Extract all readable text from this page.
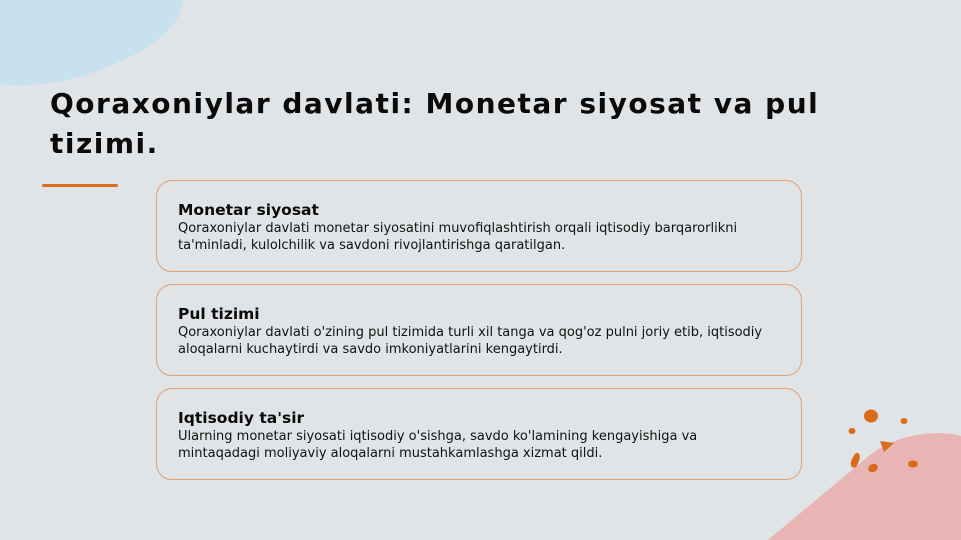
Qoraxoniylar davlati: Monetar siyosat va pul tizimi.
Monetar siyosat

Qoraxoniylar davlati monetar siyosatini muvofiqlashtirish orqali iqtisodiy barqarorlikni ta'minladi, kulolchilik va savdoni rivojlantirishga qaratilgan.

Pul tizimi

Qoraxoniylar davlati o'zining pul tizimida turli xil tanga va qog'oz pulni joriy etib, iqtisodiy aloqalarni kuchaytirdi va savdo imkoniyatlarini kengaytirdi.

Iqtisodiy ta'sir

Ularning monetar siyosati iqtisodiy o'sishga, savdo ko'lamining kengayishiga va mintaqadagi moliyaviy aloqalarni mustahkamlashga xizmat qildi.
